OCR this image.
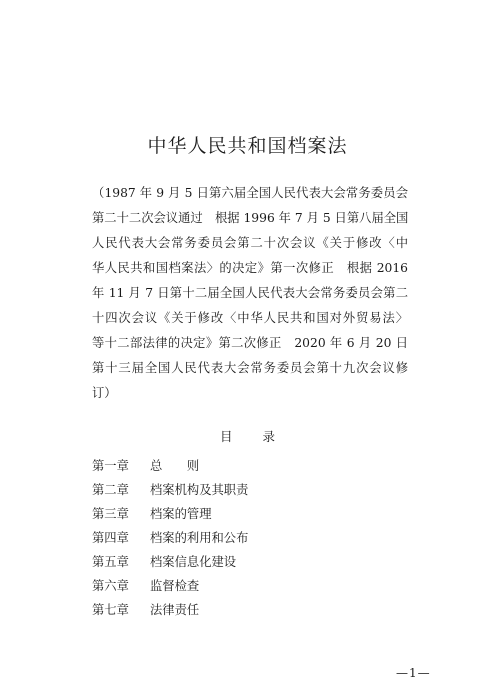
中华人民共和国档案法
（1987 年 9 月 5 日第六届全国人民代表大会常务委员会
第二十二次会议通过　根据 1996 年 7 月 5 日第八届全国
人民代表大会常务委员会第二十次会议《关于修改〈中
华人民共和国档案法〉的决定》第一次修正　根据 2016
年 11 月 7 日第十二届全国人民代表大会常务委员会第二
十四次会议《关于修改〈中华人民共和国对外贸易法〉
等十二部法律的决定》第二次修正　2020 年 6 月 20 日
第十三届全国人民代表大会常务委员会第十九次会议修
订）
目 录
第一章 总　　则
第二章 档案机构及其职责
第三章 档案的管理
第四章 档案的利用和公布
第五章 档案信息化建设
第六章 监督检查
第七章 法律责任
—1—
